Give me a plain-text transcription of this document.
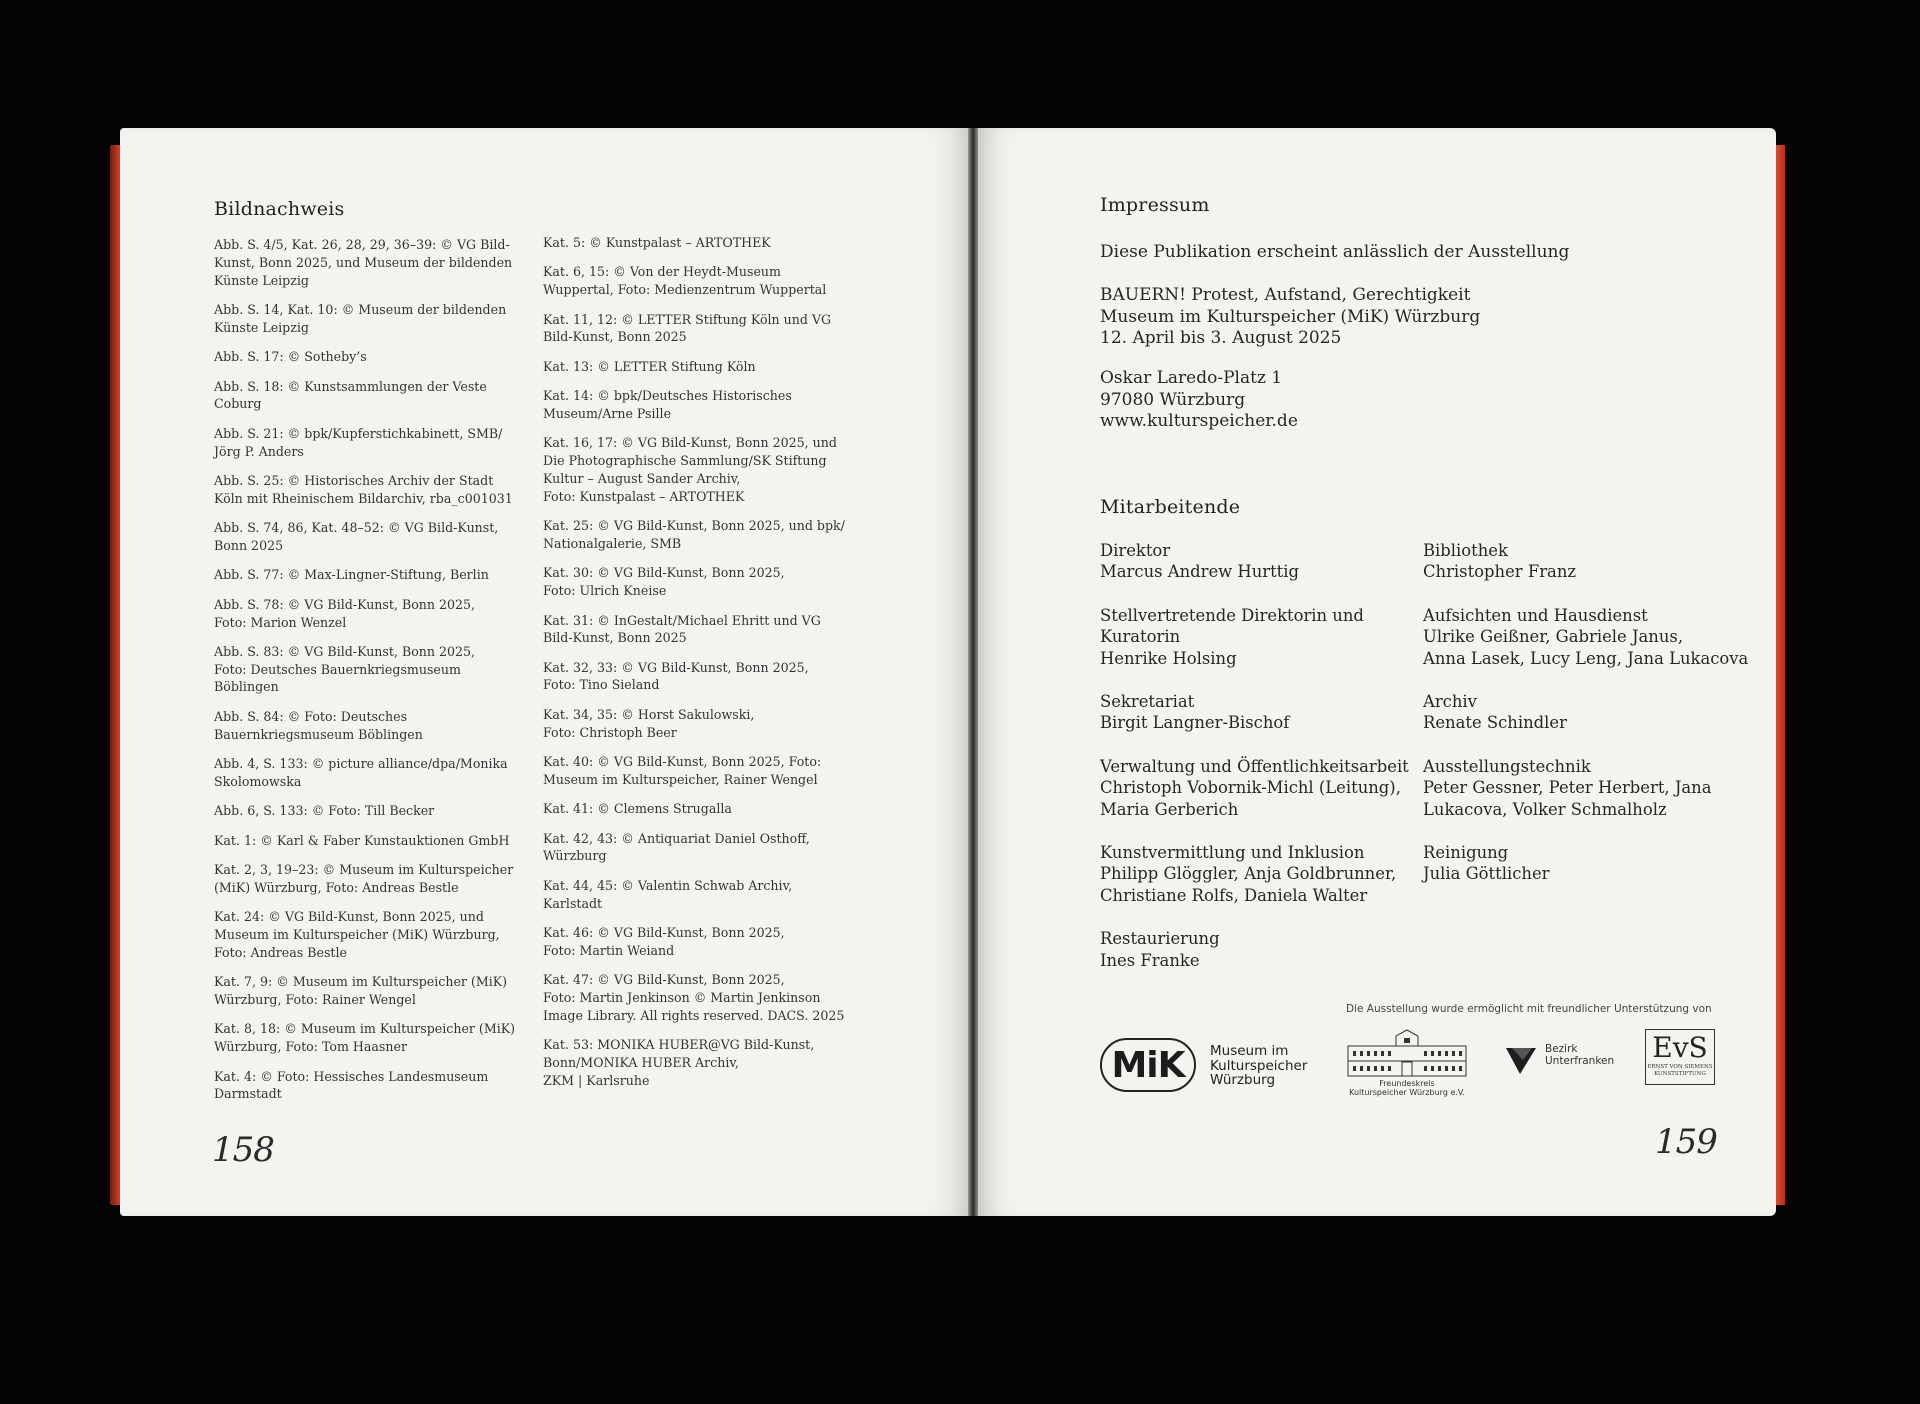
Bildnachweis

Abb. S. 4/5, Kat. 26, 28, 29, 36–39: © VG Bild-
Kunst, Bonn 2025, und Museum der bildenden
Künste Leipzig

Abb. S. 14, Kat. 10: © Museum der bildenden
Künste Leipzig

Abb. S. 17: © Sotheby’s

Abb. S. 18: © Kunstsammlungen der Veste
Coburg

Abb. S. 21: © bpk/Kupferstichkabinett, SMB/
Jörg P. Anders

Abb. S. 25: © Historisches Archiv der Stadt
Köln mit Rheinischem Bildarchiv, rba_c001031

Abb. S. 74, 86, Kat. 48–52: © VG Bild-Kunst,
Bonn 2025

Abb. S. 77: © Max-Lingner-Stiftung, Berlin

Abb. S. 78: © VG Bild-Kunst, Bonn 2025,
Foto: Marion Wenzel

Abb. S. 83: © VG Bild-Kunst, Bonn 2025,
Foto: Deutsches Bauernkriegsmuseum
Böblingen

Abb. S. 84: © Foto: Deutsches
Bauernkriegsmuseum Böblingen

Abb. 4, S. 133: © picture alliance/dpa/Monika
Skolomowska

Abb. 6, S. 133: © Foto: Till Becker

Kat. 1: © Karl & Faber Kunstauktionen GmbH

Kat. 2, 3, 19–23: © Museum im Kulturspeicher
(MiK) Würzburg, Foto: Andreas Bestle

Kat. 24: © VG Bild-Kunst, Bonn 2025, und
Museum im Kulturspeicher (MiK) Würzburg,
Foto: Andreas Bestle

Kat. 7, 9: © Museum im Kulturspeicher (MiK)
Würzburg, Foto: Rainer Wengel

Kat. 8, 18: © Museum im Kulturspeicher (MiK)
Würzburg, Foto: Tom Haasner

Kat. 4: © Foto: Hessisches Landesmuseum
Darmstadt

Kat. 5: © Kunstpalast – ARTOTHEK

Kat. 6, 15: © Von der Heydt-Museum
Wuppertal, Foto: Medienzentrum Wuppertal

Kat. 11, 12: © LETTER Stiftung Köln und VG
Bild-Kunst, Bonn 2025

Kat. 13: © LETTER Stiftung Köln

Kat. 14: © bpk/Deutsches Historisches
Museum/Arne Psille

Kat. 16, 17: © VG Bild-Kunst, Bonn 2025, und
Die Photographische Sammlung/SK Stiftung
Kultur – August Sander Archiv,
Foto: Kunstpalast – ARTOTHEK

Kat. 25: © VG Bild-Kunst, Bonn 2025, und bpk/
Nationalgalerie, SMB

Kat. 30: © VG Bild-Kunst, Bonn 2025,
Foto: Ulrich Kneise

Kat. 31: © InGestalt/Michael Ehritt und VG
Bild-Kunst, Bonn 2025

Kat. 32, 33: © VG Bild-Kunst, Bonn 2025,
Foto: Tino Sieland

Kat. 34, 35: © Horst Sakulowski,
Foto: Christoph Beer

Kat. 40: © VG Bild-Kunst, Bonn 2025, Foto:
Museum im Kulturspeicher, Rainer Wengel

Kat. 41: © Clemens Strugalla

Kat. 42, 43: © Antiquariat Daniel Osthoff,
Würzburg

Kat. 44, 45: © Valentin Schwab Archiv,
Karlstadt

Kat. 46: © VG Bild-Kunst, Bonn 2025,
Foto: Martin Weiand

Kat. 47: © VG Bild-Kunst, Bonn 2025,
Foto: Martin Jenkinson © Martin Jenkinson
Image Library. All rights reserved. DACS. 2025

Kat. 53: MONIKA HUBER@VG Bild-Kunst,
Bonn/MONIKA HUBER Archiv,
ZKM | Karlsruhe

158
Impressum
Diese Publikation erscheint anlässlich der Ausstellung
BAUERN! Protest, Aufstand, Gerechtigkeit
Museum im Kulturspeicher (MiK) Würzburg
12. April bis 3. August 2025
Oskar Laredo-Platz 1
97080 Würzburg
www.kulturspeicher.de
Mitarbeitende
Direktor
Marcus Andrew Hurttig
Stellvertretende Direktorin und
Kuratorin
Henrike Holsing
Sekretariat
Birgit Langner-Bischof
Verwaltung und Öffentlichkeitsarbeit
Christoph Vobornik-Michl (Leitung),
Maria Gerberich
Kunstvermittlung und Inklusion
Philipp Glöggler, Anja Goldbrunner,
Christiane Rolfs, Daniela Walter
Restaurierung
Ines Franke
Bibliothek
Christopher Franz
Aufsichten und Hausdienst
Ulrike Geißner, Gabriele Janus,
Anna Lasek, Lucy Leng, Jana Lukacova
Archiv
Renate Schindler
Ausstellungstechnik
Peter Gessner, Peter Herbert, Jana
Lukacova, Volker Schmalholz
Reinigung
Julia Göttlicher
Die Ausstellung wurde ermöglicht mit freundlicher Unterstützung von
MiK	Museum im
Kulturspeicher
Würzburg	Freundeskreis
Kulturspeicher Würzburg e.V.
Bezirk
Unterfranken EvS
ERNST VON SIEMENS
KUNSTSTIFTUNG
159
